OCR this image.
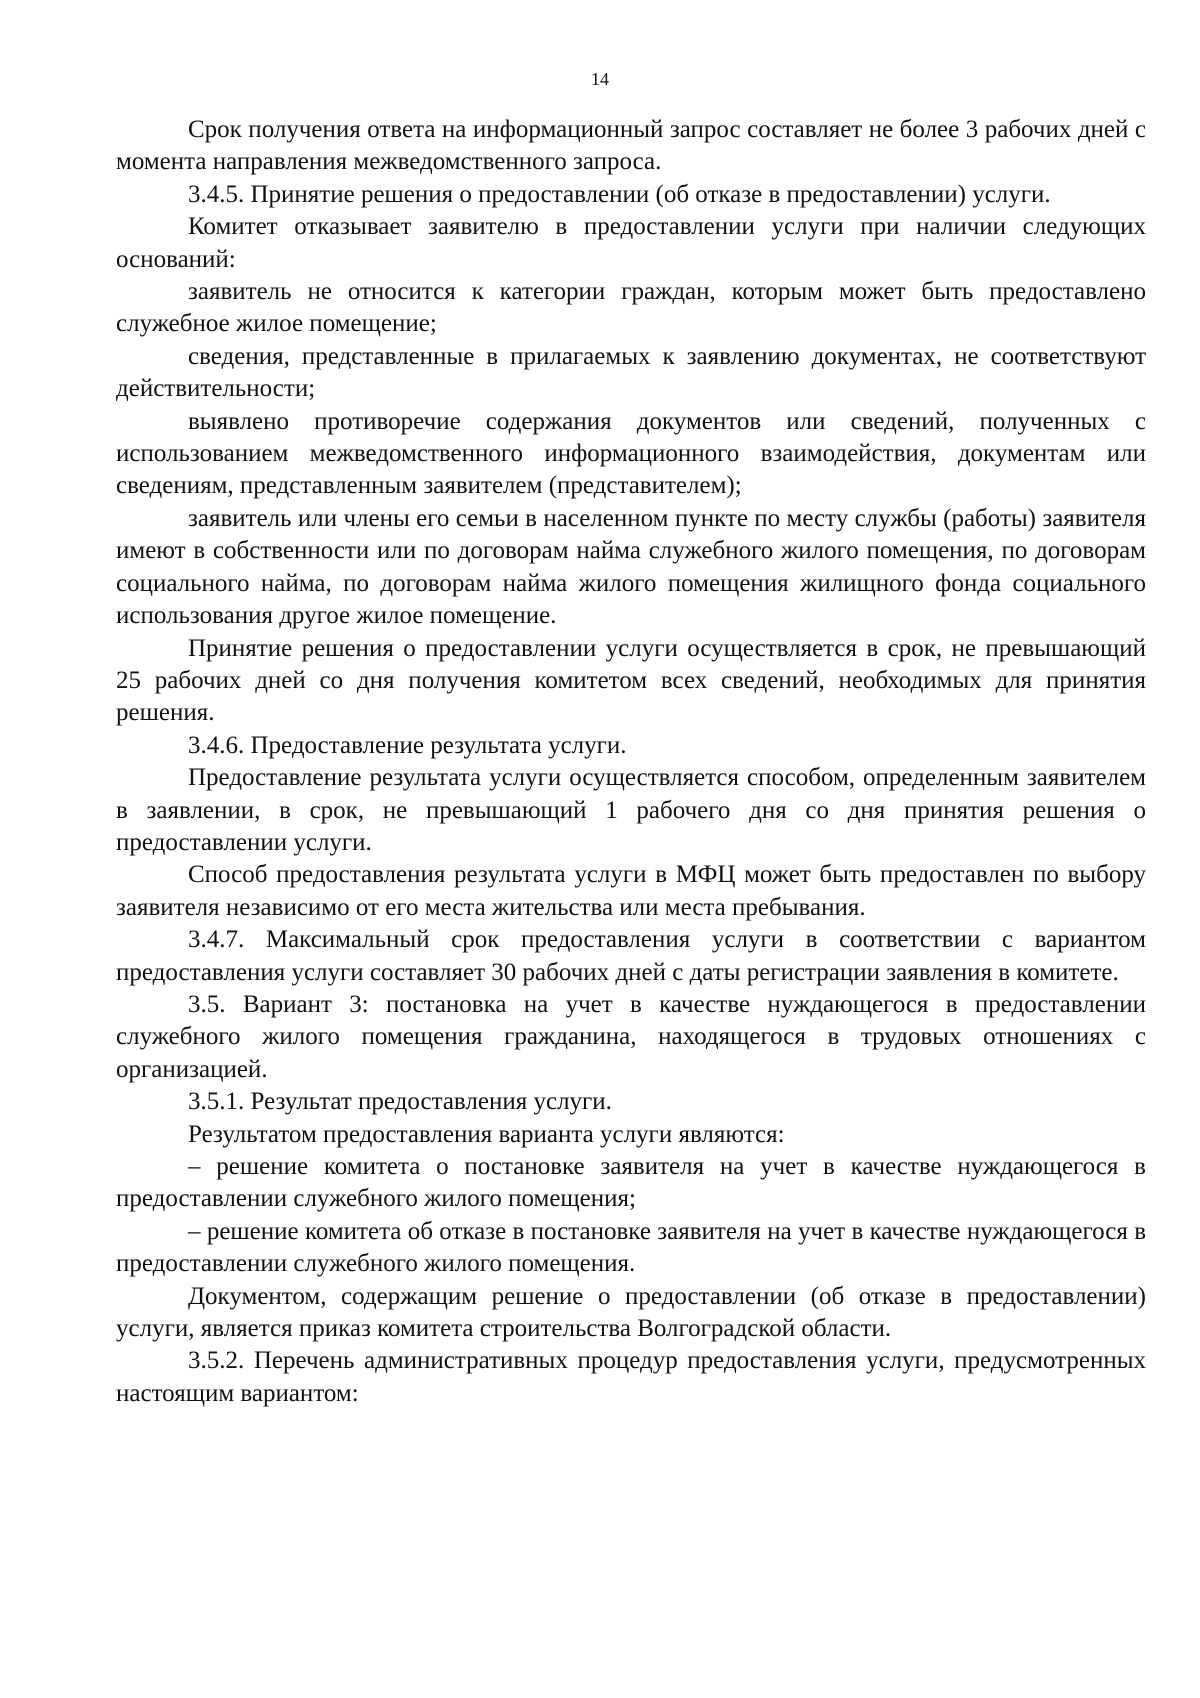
14

Срок получения ответа на информационный запрос составляет не более 3 рабочих дней с момента направления межведомственного запроса.

3.4.5. Принятие решения о предоставлении (об отказе в предоставлении) услуги.

Комитет отказывает заявителю в предоставлении услуги при наличии следующих оснований:

заявитель не относится к категории граждан, которым может быть предоставлено служебное жилое помещение;

сведения, представленные в прилагаемых к заявлению документах, не соответствуют действительности;

выявлено противоречие содержания документов или сведений, полученных с использованием межведомственного информационного взаимодействия, документам или сведениям, представленным заявителем (представителем);

заявитель или члены его семьи в населенном пункте по месту службы (работы) заявителя имеют в собственности или по договорам найма служебного жилого помещения, по договорам социального найма, по договорам найма жилого помещения жилищного фонда социального использования другое жилое помещение.

Принятие решения о предоставлении услуги осуществляется в срок, не превышающий 25 рабочих дней со дня получения комитетом всех сведений, необходимых для принятия решения.

3.4.6. Предоставление результата услуги.

Предоставление результата услуги осуществляется способом, определенным заявителем в заявлении, в срок, не превышающий 1 рабочего дня со дня принятия решения о предоставлении услуги.

Способ предоставления результата услуги в МФЦ может быть предоставлен по выбору заявителя независимо от его места жительства или места пребывания.

3.4.7. Максимальный срок предоставления услуги в соответствии с вариантом предоставления услуги составляет 30 рабочих дней с даты регистрации заявления в комитете.

3.5. Вариант 3: постановка на учет в качестве нуждающегося в предоставлении служебного жилого помещения гражданина, находящегося в трудовых отношениях с организацией.

3.5.1. Результат предоставления услуги.

Результатом предоставления варианта услуги являются:

– решение комитета о постановке заявителя на учет в качестве нуждающегося в предоставлении служебного жилого помещения;

– решение комитета об отказе в постановке заявителя на учет в качестве нуждающегося в предоставлении служебного жилого помещения.

Документом, содержащим решение о предоставлении (об отказе в предоставлении) услуги, является приказ комитета строительства Волгоградской области.

3.5.2. Перечень административных процедур предоставления услуги, предусмотренных настоящим вариантом:
